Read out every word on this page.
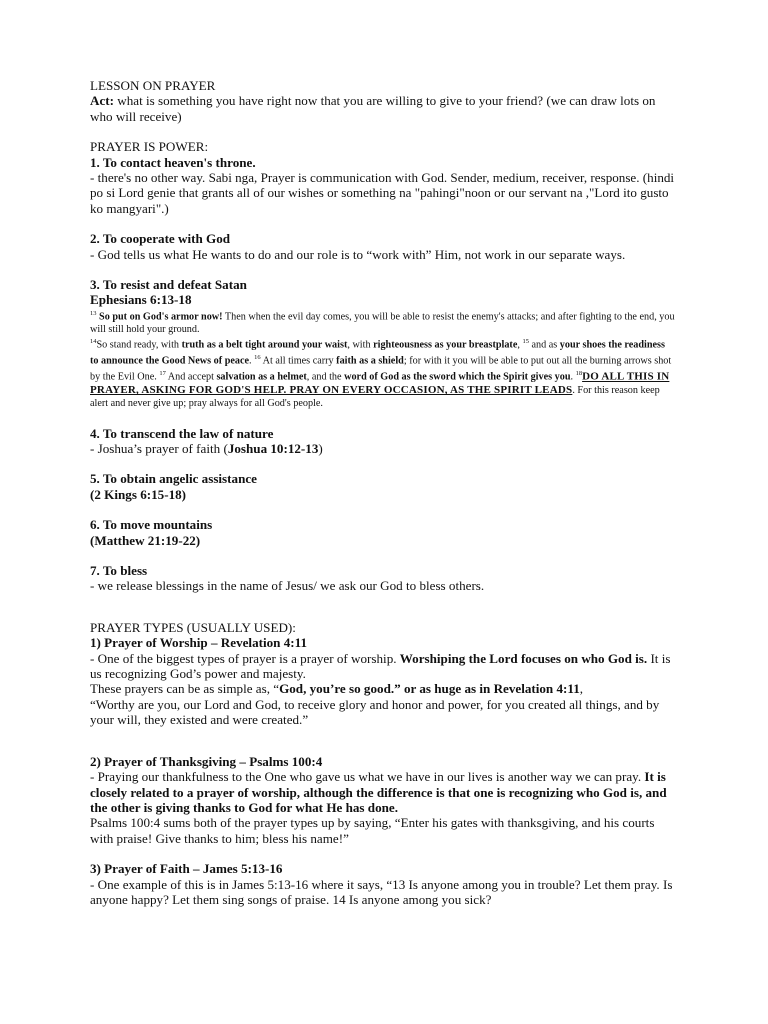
LESSON ON PRAYER

Act: what is something you have right now that you are willing to give to your friend? (we can draw lots on who will receive)

PRAYER IS POWER:

1. To contact heaven's throne.

- there's no other way. Sabi nga, Prayer is communication with God. Sender, medium, receiver, response. (hindi po si Lord genie that grants all of our wishes or something na "pahingi"noon or our servant na ,"Lord ito gusto ko mangyari".)

2. To cooperate with God

- God tells us what He wants to do and our role is to “work with” Him, not work in our separate ways.

3. To resist and defeat Satan

Ephesians 6:13-18

$^{13}$ So put on God's armor now! Then when the evil day comes, you will be able to resist the enemy's attacks; and after fighting to the end, you will still hold your ground.

$^{14}$So stand ready, with truth as a belt tight around your waist, with righteousness as your breastplate, $^{15}$ and as your shoes the readiness to announce the Good News of peace. $^{16}$ At all times carry faith as a shield; for with it you will be able to put out all the burning arrows shot by the Evil One. $^{17}$ And accept salvation as a helmet, and the word of God as the sword which the Spirit gives you. $^{18}$DO ALL THIS IN PRAYER, ASKING FOR GOD'S HELP. PRAY ON EVERY OCCASION, AS THE SPIRIT LEADS. For this reason keep alert and never give up; pray always for all God's people.

4. To transcend the law of nature

- Joshua’s prayer of faith (Joshua 10:12-13)

5. To obtain angelic assistance

(2 Kings 6:15-18)

6. To move mountains

(Matthew 21:19-22)

7. To bless

- we release blessings in the name of Jesus/ we ask our God to bless others.

PRAYER TYPES (USUALLY USED):

1) Prayer of Worship – Revelation 4:11

- One of the biggest types of prayer is a prayer of worship. Worshiping the Lord focuses on who God is. It is us recognizing God’s power and majesty.

These prayers can be as simple as, “God, you’re so good.” or as huge as in Revelation 4:11,

“Worthy are you, our Lord and God, to receive glory and honor and power, for you created all things, and by your will, they existed and were created.”

2) Prayer of Thanksgiving – Psalms 100:4

- Praying our thankfulness to the One who gave us what we have in our lives is another way we can pray. It is closely related to a prayer of worship, although the difference is that one is recognizing who God is, and the other is giving thanks to God for what He has done.

Psalms 100:4 sums both of the prayer types up by saying, “Enter his gates with thanksgiving, and his courts with praise! Give thanks to him; bless his name!”

3) Prayer of Faith – James 5:13-16

- One example of this is in James 5:13-16 where it says, “13 Is anyone among you in trouble? Let them pray. Is anyone happy? Let them sing songs of praise. 14 Is anyone among you sick?
